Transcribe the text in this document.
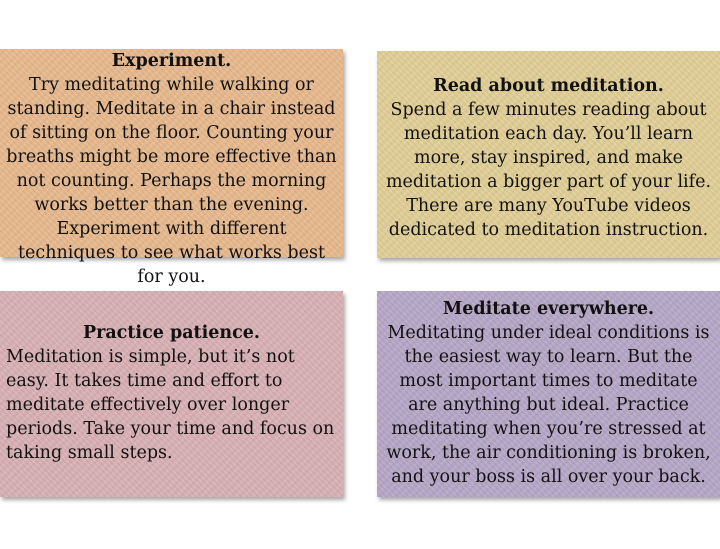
Experiment.
Try meditating while walking or standing. Meditate in a chair instead of sitting on the floor. Counting your breaths might be more effective than not counting. Perhaps the morning works better than the evening. Experiment with different techniques to see what works best for you.
Read about meditation.
Spend a few minutes reading about meditation each day. You’ll learn more, stay inspired, and make meditation a bigger part of your life. There are many YouTube videos dedicated to meditation instruction.
Practice patience.
Meditation is simple, but it’s not easy. It takes time and effort to meditate effectively over longer periods. Take your time and focus on taking small steps.
Meditate everywhere.
Meditating under ideal conditions is the easiest way to learn. But the most important times to meditate are anything but ideal. Practice meditating when you’re stressed at work, the air conditioning is broken, and your boss is all over your back.
